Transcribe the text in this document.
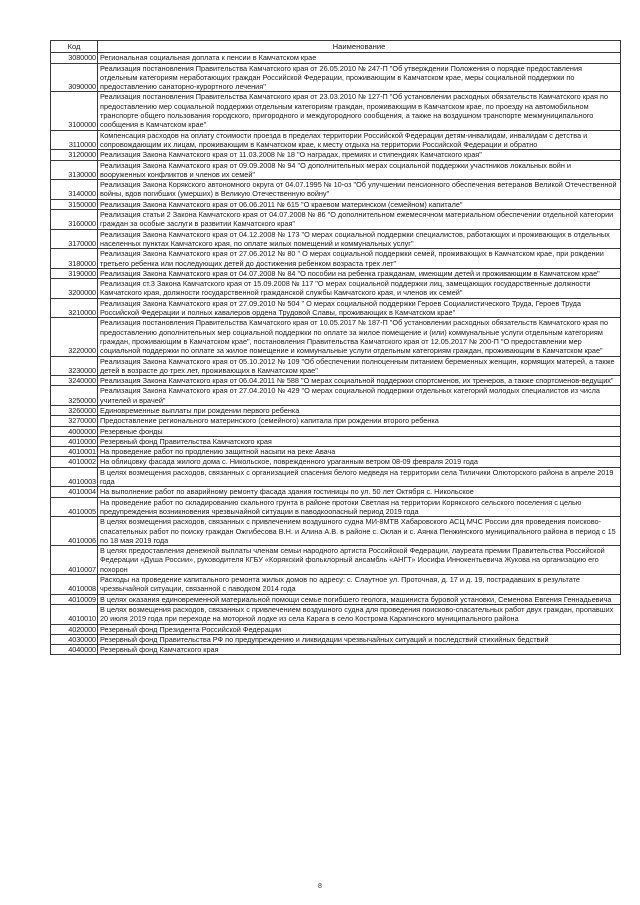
Код	Наименование
3080000	Региональная социальная доплата к пенсии в Камчатском крае
3090000	Реализация постановления Правительства Камчатского края от 26.05.2010 № 247-П "Об утверждении Положения о порядке предоставления отдельным категориям неработающих граждан Российской Федерации, проживающим в Камчатском крае, меры социальной поддержки по предоставлению санаторно-курортного лечения"
3100000	Реализация постановления Правительства Камчатского края от 23.03.2010 № 127-П "Об установлении расходных обязательств Камчатского края по предоставлению мер социальной поддержки отдельным категориям граждан, проживающим в Камчатском крае, по проезду на автомобильном транспорте общего пользования городского, пригородного и междугородного сообщения, а также на воздушном транспорте межмуниципального сообщения в Камчатском крае"
3110000	Компенсация расходов на оплату стоимости проезда в пределах территории Российской Федерации детям-инвалидам, инвалидам с детства и сопровождающим их лицам, проживающим в Камчатском крае, к месту отдыха на территории Российской Федерации и обратно
3120000	Реализация Закона Камчатского края от 11.03.2008 № 18 "О наградах, премиях и стипендиях Камчатского края"
3130000	Реализация Закона Камчатского края от 09.09.2008 № 94 "О дополнительных мерах социальной поддержки участников локальных войн и вооруженных конфликтов и членов их семей"
3140000	Реализация Закона Корякского автономного округа от 04.07.1995 № 10-оз "Об улучшении пенсионного обеспечения ветеранов Великой Отечественной войны, вдов погибших (умерших) в Великую Отечественную войну"
3150000	Реализация Закона Камчатского края от 06.06.2011 № 615 "О краевом материнском (семейном) капитале"
3160000	Реализация статьи 2 Закона Камчатского края от 04.07.2008 № 86 "О дополнительном ежемесячном материальном обеспечении отдельной категории граждан за особые заслуги в развитии Камчатского края"
3170000	Реализация Закона Камчатского края от 04.12.2008 № 173 "О мерах социальной поддержки специалистов, работающих и проживающих в отдельных населенных пунктах Камчатского края, по оплате жилых помещений и коммунальных услуг"
3180000	Реализация Закона Камчатского края от 27.06.2012 № 80 " О мерах социальной поддержки семей, проживающих в Камчатском крае, при рождении третьего ребенка или последующих детей до достижения ребенком возраста трех лет"
3190000	Реализация Закона Камчатского края от 04.07.2008 № 84 "О пособии на ребенка гражданам, имеющим детей и проживающим в Камчатском крае"
3200000	Реализация ст.3 Закона Камчатского края от 15.09.2008 № 117 "О мерах социальной поддержки лиц, замещающих государственные должности Камчатского края, должности государственной гражданской службы Камчатского края, и членов их семей"
3210000	Реализация Закона Камчатского края от 27.09.2010 № 504 " О мерах социальной поддержки Героев Социалистического Труда, Героев Труда Российской Федерации и полных кавалеров ордена Трудовой Славы, проживающих в Камчатском крае"
3220000	Реализация постановления Правительства Камчатского края от 10.05.2017 № 187-П "Об установлении расходных обязательств Камчатского края по предоставлению дополнительных мер социальной поддержки по оплате за жилое помещение и (или) коммунальные услуги отдельным категориям граждан, проживающим в Камчатском крае", постановления Правительства Камчатского края от 12.05.2017 № 200-П "О предоставлении мер социальной поддержки по оплате за жилое помещение и коммунальные услуги отдельным категориям граждан, проживающим в Камчатском крае"
3230000	Реализация Закона Камчатского края от 05.10.2012 № 109 "Об обеспечении полноценным питанием беременных женщин, кормящих матерей, а также детей в возрасте до трех лет, проживающих в Камчатском крае"
3240000	Реализация Закона Камчатского края от 06.04.2011 № 588 "О мерах социальной поддержки спортсменов, их тренеров, а также спортсменов-ведущих"
3250000	Реализация Закона Камчатского края от 27.04.2010 № 429 "О мерах социальной поддержки отдельных категорий молодых специалистов из числа учителей и врачей"
3260000	Единовременные выплаты при рождении первого ребенка
3270000	Предоставление регионального материнского (семейного) капитала при рождении второго ребенка
4000000	Резервные фонды
4010000	Резервный фонд Правительства Камчатского края
4010001	На проведение работ по продлению защитной насыпи на реке Авача
4010002	На облицовку фасада жилого дома с. Никольское, поврежденного ураганным ветром 08-09 февраля 2019 года
4010003	В целях возмещения расходов, связанных с организацией спасения белого медведя на территории села Тиличики Олюторского района в апреле 2019 года
4010004	На выполнение работ по аварийному ремонту фасада здания гостиницы по ул. 50 лет Октября с. Никольское
4010005	На проведение работ по складированию скального грунта в районе протоки Светлая на территории Корякского сельского поселения с целью предупреждения возникновения чрезвычайной ситуации в паводкоопасный период 2019 года
4010006	В целях возмещения расходов, связанных с привлечением воздушного судна МИ-8МТВ Хабаровского АСЦ МЧС России для проведения поисково-спасательных работ по поиску граждан Ожгибесова В.Н. и Алина А.В. в районе с. Оклан и с. Аянка Пенжинского муниципального района в период с 15 по 18 мая 2019 года
4010007	В целях предоставления денежной выплаты членам семьи народного артиста Российской Федерации, лауреата премии Правительства Российской Федерации «Душа России», руководителя КГБУ «Корякский фольклорный ансамбль «АНГТ» Иосифа Иннокентьевича Жукова на организацию его похорон
4010008	Расходы на проведение капитального ремонта жилых домов по адресу: с. Слаутное ул. Проточная, д. 17 и д. 19, пострадавших в результате чрезвычайной ситуации, связанной с паводком 2014 года
4010009	В целях оказания единовременной материальной помощи семье погибшего геолога, машиниста буровой установки, Семенова Евгения Геннадьевича
4010010	В целях возмещения расходов, связанных с привлечением воздушного судна для проведения поисково-спасательных работ двух граждан, пропавших 20 июля 2019 года при переходе на моторной лодке из села Карага в село Кострома Карагинского муниципального района
4020000	Резервный фонд Президента Российской Федерации
4030000	Резервный фонд Правительства РФ по предупреждению и ликвидации чрезвычайных ситуаций и последствий стихийных бедствий
4040000	Резервный фонд Камчатского края
8
